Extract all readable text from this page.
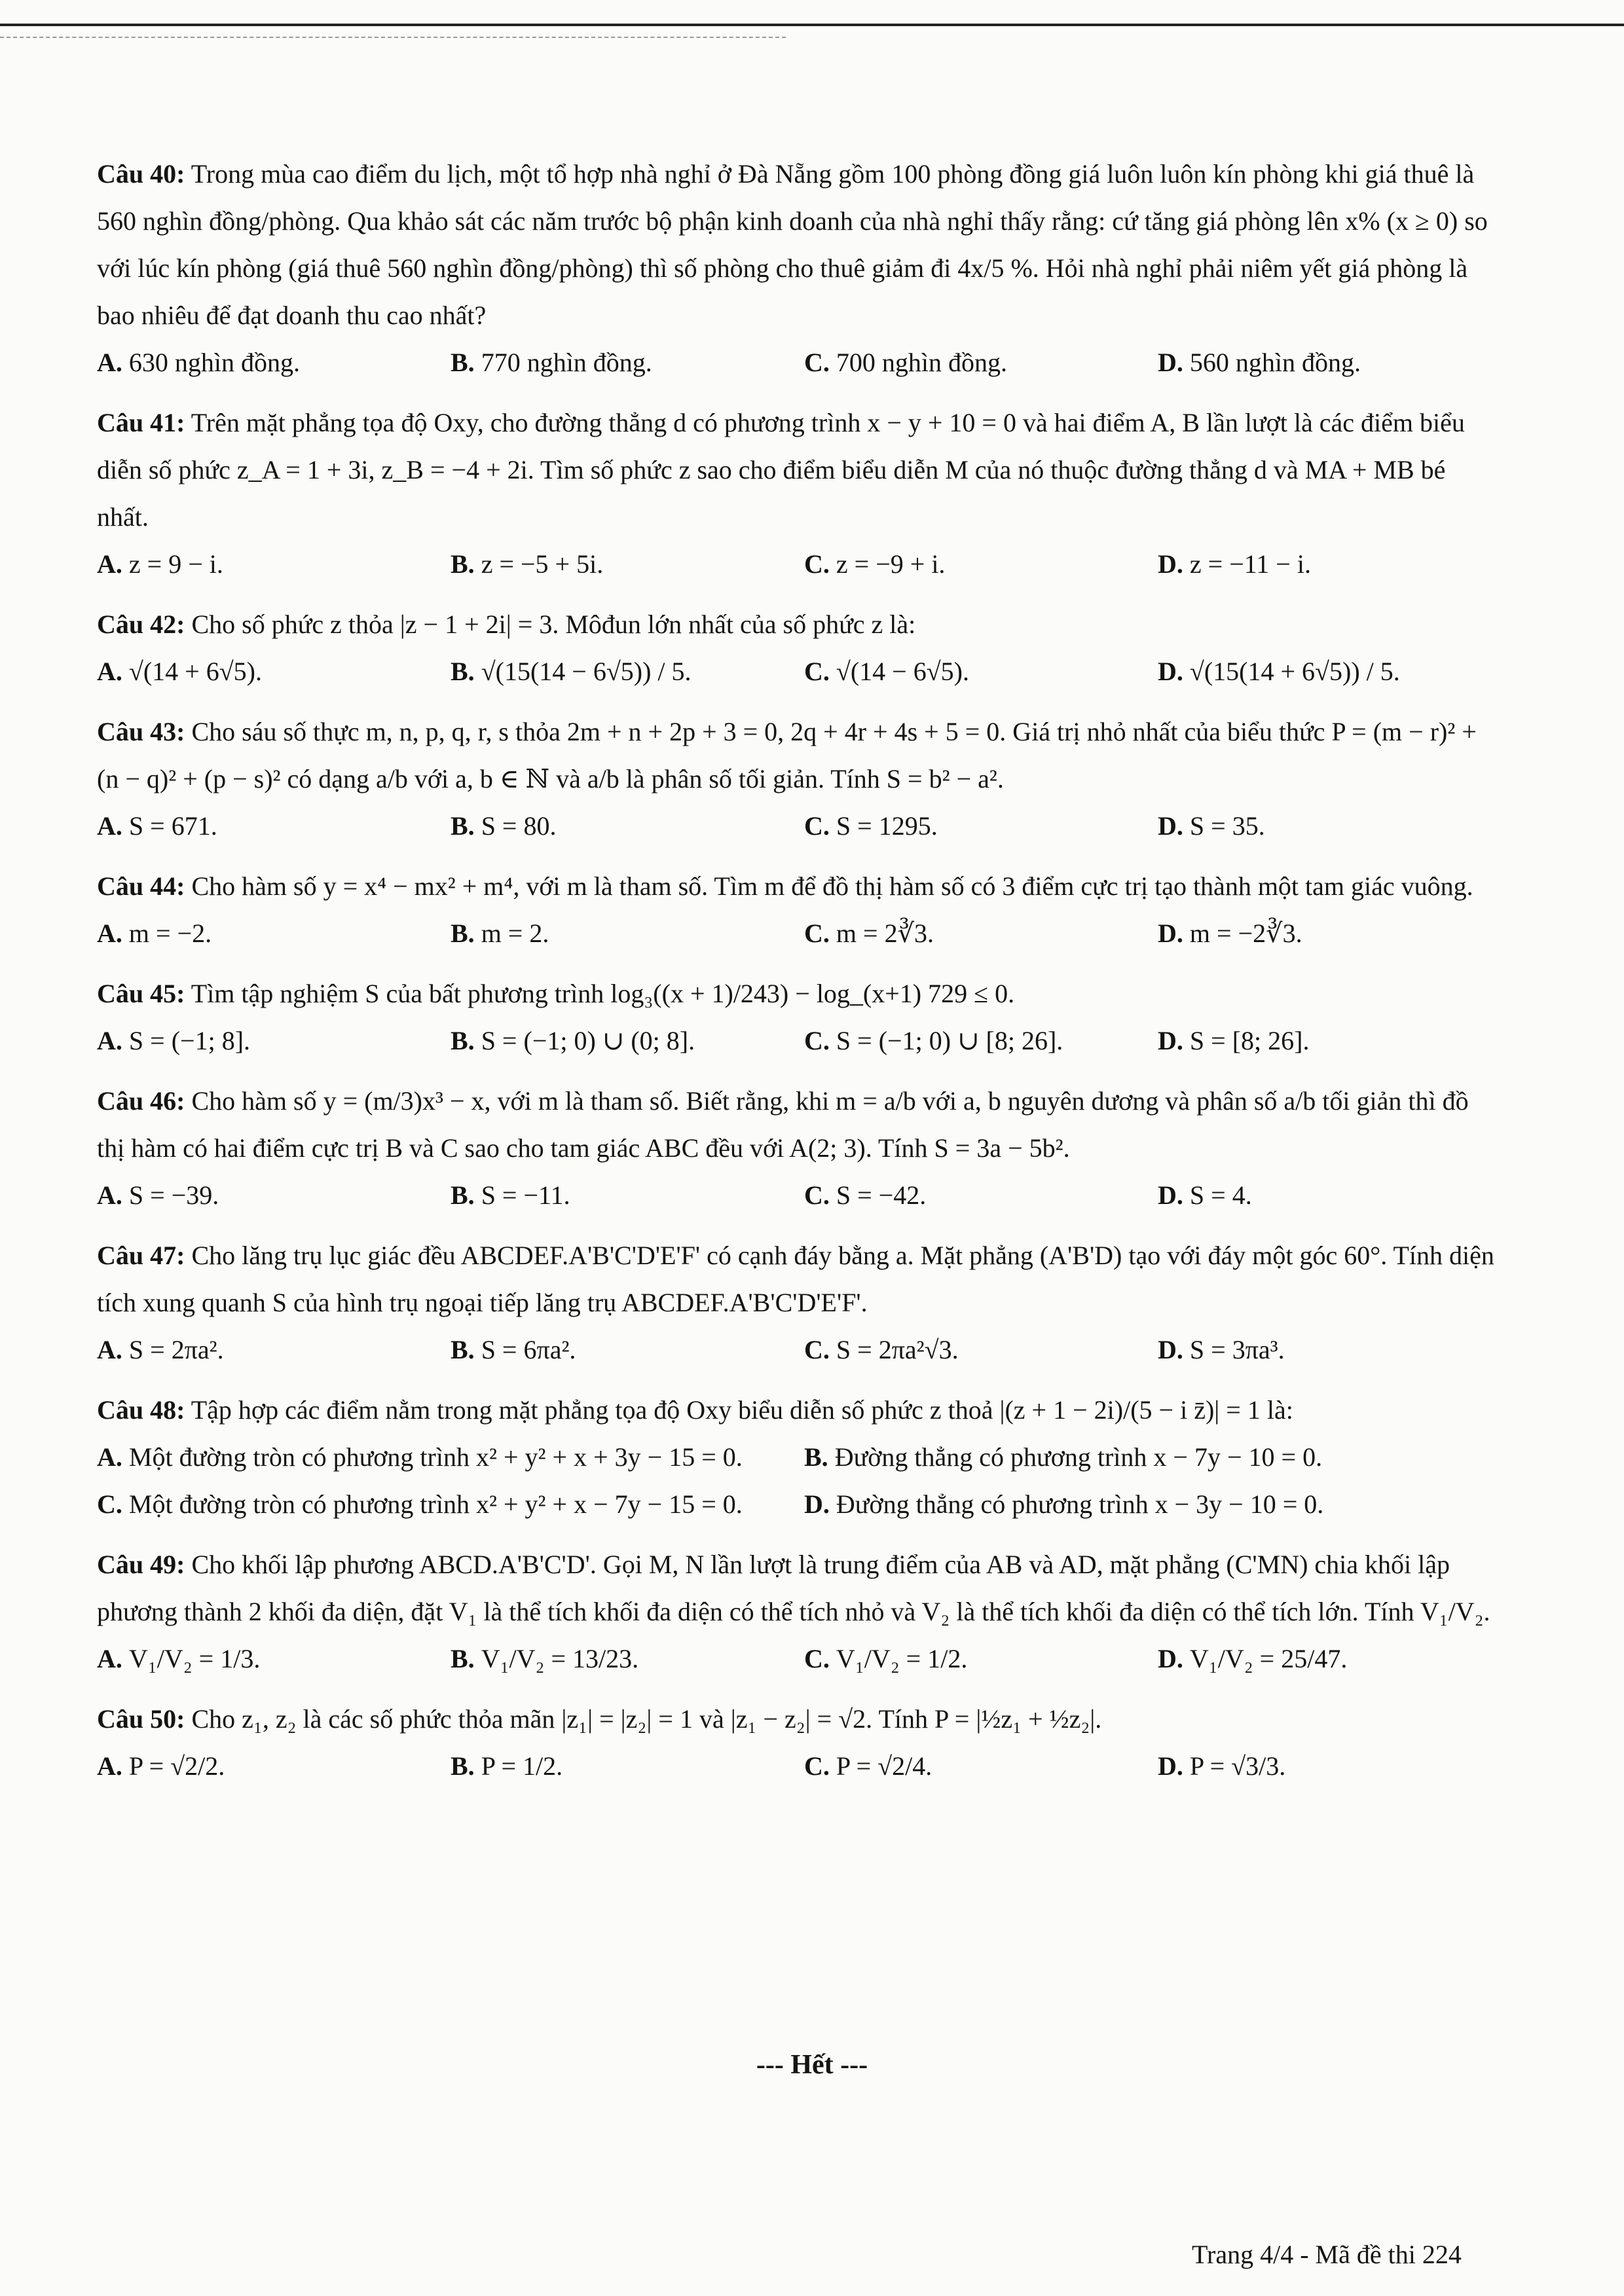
Câu 40: Trong mùa cao điểm du lịch, một tổ hợp nhà nghỉ ở Đà Nẵng gồm 100 phòng đồng giá luôn luôn kín phòng khi giá thuê là 560 nghìn đồng/phòng. Qua khảo sát các năm trước bộ phận kinh doanh của nhà nghỉ thấy rằng: cứ tăng giá phòng lên x% (x ≥ 0) so với lúc kín phòng (giá thuê 560 nghìn đồng/phòng) thì số phòng cho thuê giảm đi 4x/5 %. Hỏi nhà nghỉ phải niêm yết giá phòng là bao nhiêu để đạt doanh thu cao nhất?
A. 630 nghìn đồng.	B. 770 nghìn đồng.	C. 700 nghìn đồng.	D. 560 nghìn đồng.
Câu 41: Trên mặt phẳng tọa độ Oxy, cho đường thẳng d có phương trình x − y + 10 = 0 và hai điểm A, B lần lượt là các điểm biểu diễn số phức z_A = 1 + 3i, z_B = −4 + 2i. Tìm số phức z sao cho điểm biểu diễn M của nó thuộc đường thẳng d và MA + MB bé nhất.
A. z = 9 − i.	B. z = −5 + 5i.	C. z = −9 + i.	D. z = −11 − i.
Câu 42: Cho số phức z thỏa |z − 1 + 2i| = 3. Môđun lớn nhất của số phức z là:
A. √(14 + 6√5).	B. √(15(14 − 6√5)) / 5.	C. √(14 − 6√5).	D. √(15(14 + 6√5)) / 5.
Câu 43: Cho sáu số thực m, n, p, q, r, s thỏa 2m + n + 2p + 3 = 0, 2q + 4r + 4s + 5 = 0. Giá trị nhỏ nhất của biểu thức P = (m − r)² + (n − q)² + (p − s)² có dạng a/b với a, b ∈ ℕ và a/b là phân số tối giản. Tính S = b² − a².
A. S = 671.	B. S = 80.	C. S = 1295.	D. S = 35.
Câu 44: Cho hàm số y = x⁴ − mx² + m⁴, với m là tham số. Tìm m để đồ thị hàm số có 3 điểm cực trị tạo thành một tam giác vuông.
A. m = −2.	B. m = 2.	C. m = 2∛3.	D. m = −2∛3.
Câu 45: Tìm tập nghiệm S của bất phương trình log₃((x + 1)/243) − log_(x+1) 729 ≤ 0.
A. S = (−1; 8].	B. S = (−1; 0) ∪ (0; 8].	C. S = (−1; 0) ∪ [8; 26].	D. S = [8; 26].
Câu 46: Cho hàm số y = (m/3)x³ − x, với m là tham số. Biết rằng, khi m = a/b với a, b nguyên dương và phân số a/b tối giản thì đồ thị hàm có hai điểm cực trị B và C sao cho tam giác ABC đều với A(2; 3). Tính S = 3a − 5b².
A. S = −39.	B. S = −11.	C. S = −42.	D. S = 4.
Câu 47: Cho lăng trụ lục giác đều ABCDEF.A'B'C'D'E'F' có cạnh đáy bằng a. Mặt phẳng (A'B'D) tạo với đáy một góc 60°. Tính diện tích xung quanh S của hình trụ ngoại tiếp lăng trụ ABCDEF.A'B'C'D'E'F'.
A. S = 2πa².	B. S = 6πa².	C. S = 2πa²√3.	D. S = 3πa³.
Câu 48: Tập hợp các điểm nằm trong mặt phẳng tọa độ Oxy biểu diễn số phức z thoả |(z + 1 − 2i)/(5 − i z̄)| = 1 là:
A. Một đường tròn có phương trình x² + y² + x + 3y − 15 = 0.	B. Đường thẳng có phương trình x − 7y − 10 = 0.
C. Một đường tròn có phương trình x² + y² + x − 7y − 15 = 0.	D. Đường thẳng có phương trình x − 3y − 10 = 0.
Câu 49: Cho khối lập phương ABCD.A'B'C'D'. Gọi M, N lần lượt là trung điểm của AB và AD, mặt phẳng (C'MN) chia khối lập phương thành 2 khối đa diện, đặt V₁ là thể tích khối đa diện có thể tích nhỏ và V₂ là thể tích khối đa diện có thể tích lớn. Tính V₁/V₂.
A. V₁/V₂ = 1/3.	B. V₁/V₂ = 13/23.	C. V₁/V₂ = 1/2.	D. V₁/V₂ = 25/47.
Câu 50: Cho z₁, z₂ là các số phức thỏa mãn |z₁| = |z₂| = 1 và |z₁ − z₂| = √2. Tính P = |½z₁ + ½z₂|.
A. P = √2/2.	B. P = 1/2.	C. P = √2/4.	D. P = √3/3.
--- Hết ---
Trang 4/4 - Mã đề thi 224
